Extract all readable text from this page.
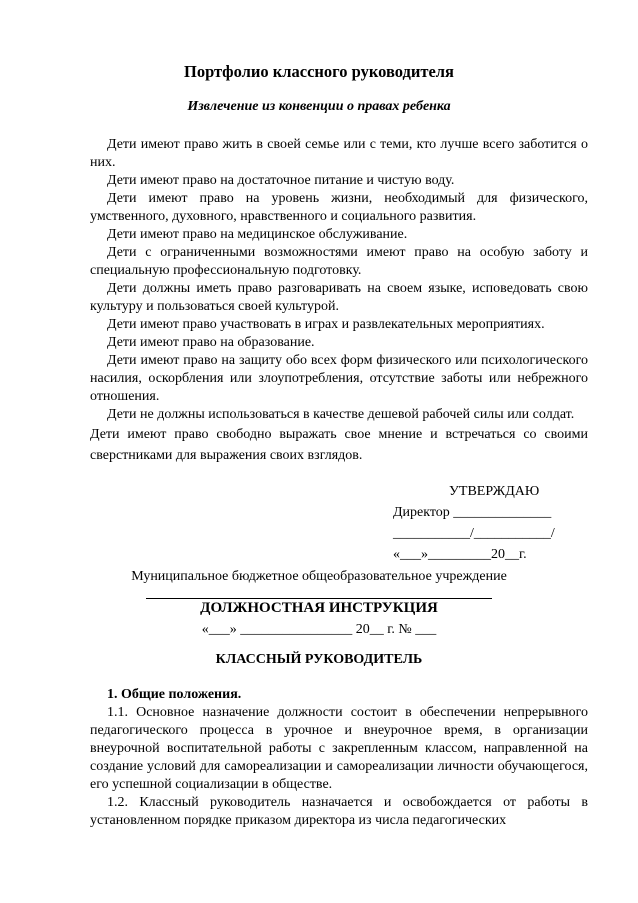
Портфолио классного руководителя
Извлечение из конвенции о правах ребенка

Дети имеют право жить в своей семье или с теми, кто лучше всего заботится о них.

Дети имеют право на достаточное питание и чистую воду.

Дети имеют право на уровень жизни, необходимый для физического, умственного, духовного, нравственного и социального развития.

Дети имеют право на медицинское обслуживание.

Дети с ограниченными возможностями имеют право на особую заботу и специальную профессиональную подготовку.

Дети должны иметь право разговаривать на своем языке, исповедовать свою культуру и пользоваться своей культурой.

Дети имеют право участвовать в играх и развлекательных мероприятиях.

Дети имеют право на образование.

Дети имеют право на защиту обо всех форм физического или психологического насилия, оскорбления или злоупотребления, отсутствие заботы или небрежного отношения.

Дети не должны использоваться в качестве дешевой рабочей силы или солдат.

Дети имеют право свободно выражать свое мнение и встречаться со своими сверстниками для выражения своих взглядов.

УТВЕРЖДАЮ
Директор ______________
___________/___________/
«___»_________20__г.
Муниципальное бюджетное общеобразовательное учреждение
ДОЛЖНОСТНАЯ ИНСТРУКЦИЯ
«___» ________________ 20__ г. № ___
КЛАССНЫЙ РУКОВОДИТЕЛЬ

1. Общие положения.

1.1. Основное назначение должности состоит в обеспечении непрерывного педагогического процесса в урочное и внеурочное время, в организации внеурочной воспитательной работы с закрепленным классом, направленной на создание условий для самореализации и самореализации личности обучающегося, его успешной социализации в обществе.

1.2. Классный руководитель назначается и освобождается от работы в установленном порядке приказом директора из числа педагогических
